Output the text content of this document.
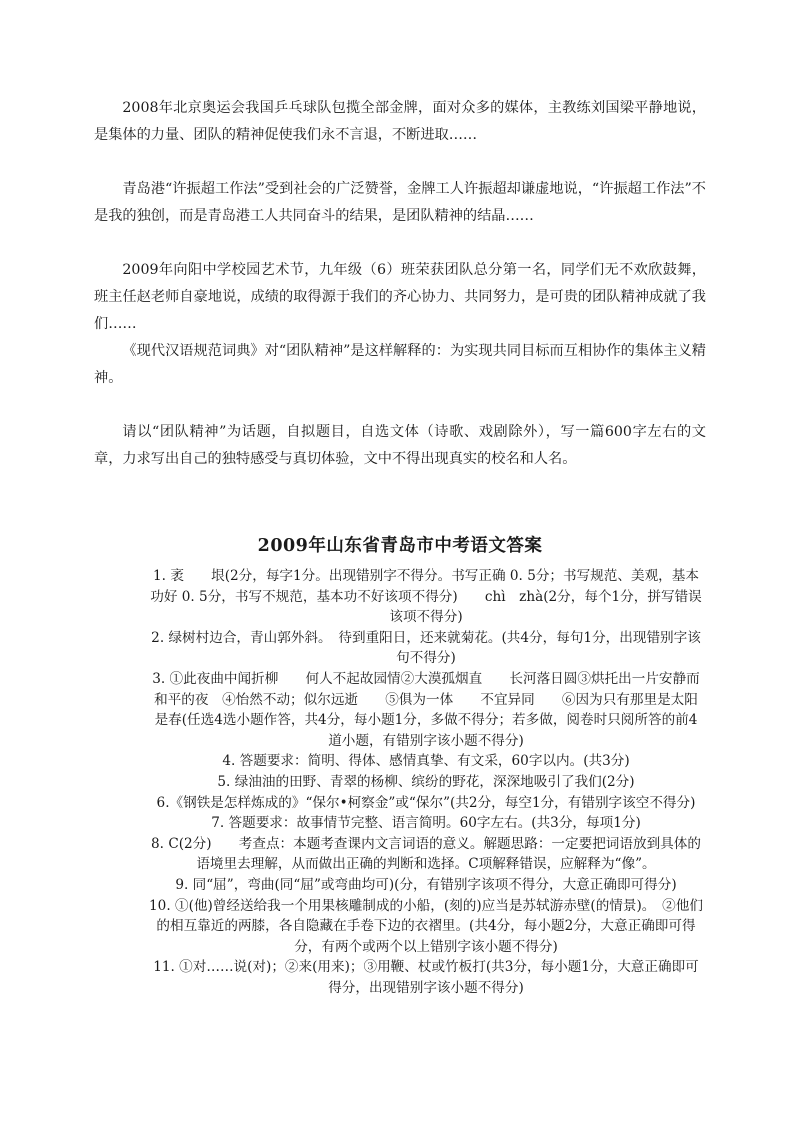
2008年北京奥运会我国乒乓球队包揽全部金牌，面对众多的媒体，主教练刘国梁平静地说，是集体的力量、团队的精神促使我们永不言退，不断进取……

青岛港“许振超工作法”受到社会的广泛赞誉，金牌工人许振超却谦虚地说，“许振超工作法”不是我的独创，而是青岛港工人共同奋斗的结果，是团队精神的结晶……

2009年向阳中学校园艺术节，九年级（6）班荣获团队总分第一名，同学们无不欢欣鼓舞，班主任赵老师自豪地说，成绩的取得源于我们的齐心协力、共同努力，是可贵的团队精神成就了我们……

《现代汉语规范词典》对“团队精神”是这样解释的：为实现共同目标而互相协作的集体主义精神。

请以“团队精神”为话题，自拟题目，自选文体（诗歌、戏剧除外），写一篇600字左右的文章，力求写出自己的独特感受与真切体验，文中不得出现真实的校名和人名。

2009年山东省青岛市中考语文答案

1. 袤　　垠(2分，每字1分。出现错别字不得分。书写正确 0. 5分；书写规范、美观，基本功好 0. 5分，书写不规范，基本功不好该项不得分)　　chì　zhà(2分，每个1分，拼写错误该项不得分)

2. 绿树村边合，青山郭外斜。　待到重阳日，还来就菊花。(共4分，每句1分，出现错别字该句不得分)

3. ①此夜曲中闻折柳　　何人不起故园情②大漠孤烟直　　长河落日圆③烘托出一片安静而和平的夜　④怡然不动；似尔远逝　　⑤俱为一体　　不宜异同　　⑥因为只有那里是太阳　　是春(任选4选小题作答，共4分，每小题1分，多做不得分；若多做，阅卷时只阅所答的前4道小题，有错别字该小题不得分)

4. 答题要求：简明、得体、感情真挚、有文采，60字以内。(共3分)

5. 绿油油的田野、青翠的杨柳、缤纷的野花，深深地吸引了我们(2分)

6.《钢铁是怎样炼成的》“保尔•柯察金”或“保尔”(共2分，每空1分，有错别字该空不得分)

7. 答题要求：故事情节完整、语言简明。60字左右。(共3分，每项1分)

8. C(2分)　　考查点：本题考查课内文言词语的意义。解题思路：一定要把词语放到具体的语境里去理解，从而做出正确的判断和选择。C项解释错误，应解释为“像”。

9. 同“屈”，弯曲(同“屈”或弯曲均可)(分，有错别字该项不得分，大意正确即可得分)

10. ①(他)曾经送给我一个用果核雕制成的小船，(刻的)应当是苏轼游赤壁(的情景)。　②他们的相互靠近的两膝，各自隐藏在手卷下边的衣褶里。(共4分，每小题2分，大意正确即可得分，有两个或两个以上错别字该小题不得分)

11. ①对……说(对)；②来(用来)；③用鞭、杖或竹板打(共3分，每小题1分，大意正确即可得分，出现错别字该小题不得分)
